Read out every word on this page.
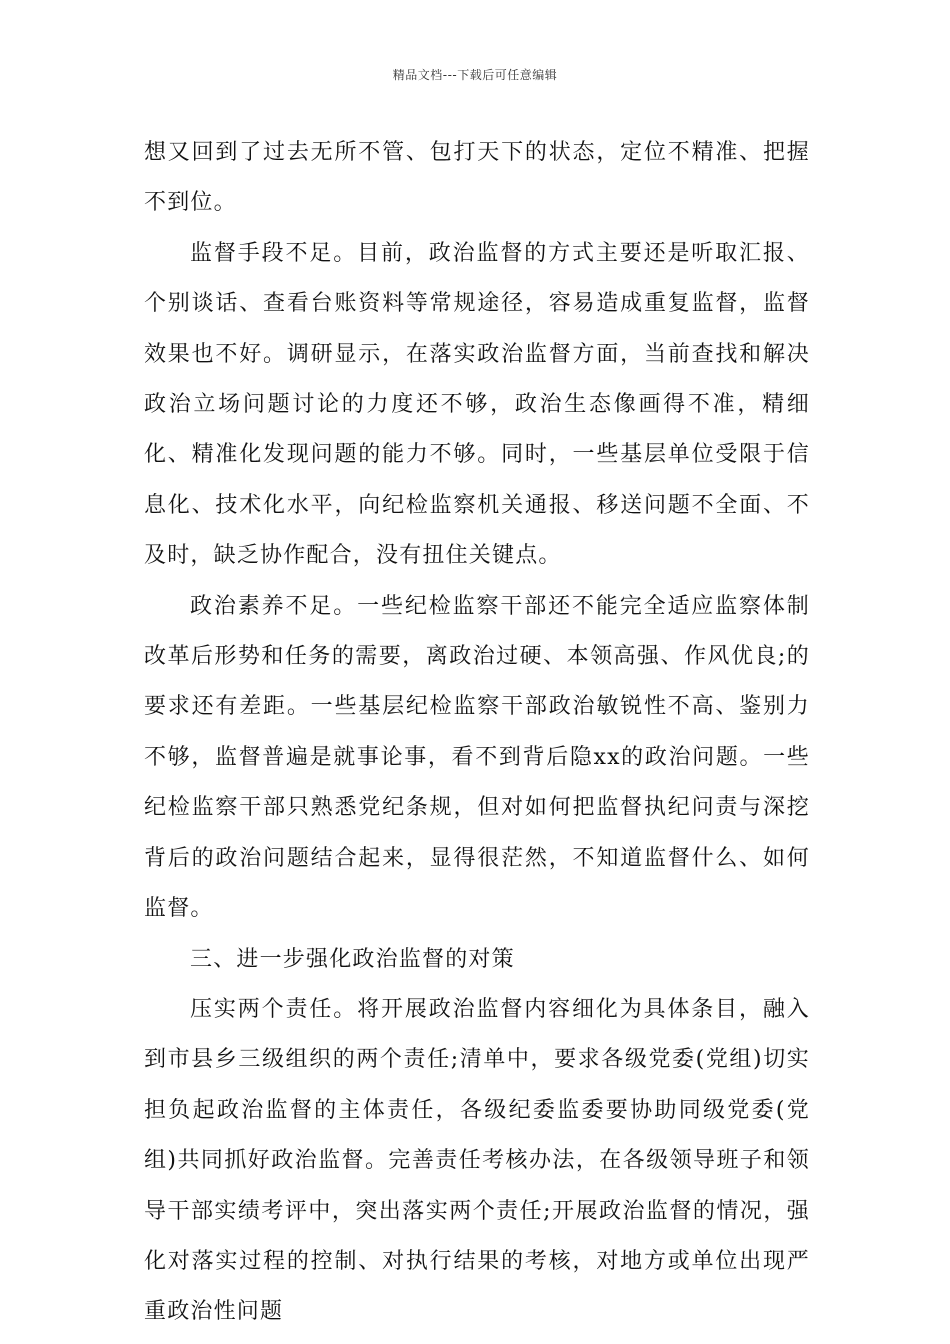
精品文档---下载后可任意编辑

想又回到了过去无所不管、包打天下的状态，定位不精准、把握不到位。

监督手段不足。目前，政治监督的方式主要还是听取汇报、个别谈话、查看台账资料等常规途径，容易造成重复监督，监督效果也不好。调研显示，在落实政治监督方面，当前查找和解决政治立场问题讨论的力度还不够，政治生态像画得不准，精细化、精准化发现问题的能力不够。同时，一些基层单位受限于信息化、技术化水平，向纪检监察机关通报、移送问题不全面、不及时，缺乏协作配合，没有扭住关键点。

政治素养不足。一些纪检监察干部还不能完全适应监察体制改革后形势和任务的需要，离政治过硬、本领高强、作风优良;的要求还有差距。一些基层纪检监察干部政治敏锐性不高、鉴别力不够，监督普遍是就事论事，看不到背后隐xx的政治问题。一些纪检监察干部只熟悉党纪条规，但对如何把监督执纪问责与深挖背后的政治问题结合起来，显得很茫然，不知道监督什么、如何监督。

三、进一步强化政治监督的对策

压实两个责任。将开展政治监督内容细化为具体条目，融入到市县乡三级组织的两个责任;清单中，要求各级党委(党组)切实担负起政治监督的主体责任，各级纪委监委要协助同级党委(党组)共同抓好政治监督。完善责任考核办法，在各级领导班子和领导干部实绩考评中，突出落实两个责任;开展政治监督的情况，强化对落实过程的控制、对执行结果的考核，对地方或单位出现严重政治性问题
